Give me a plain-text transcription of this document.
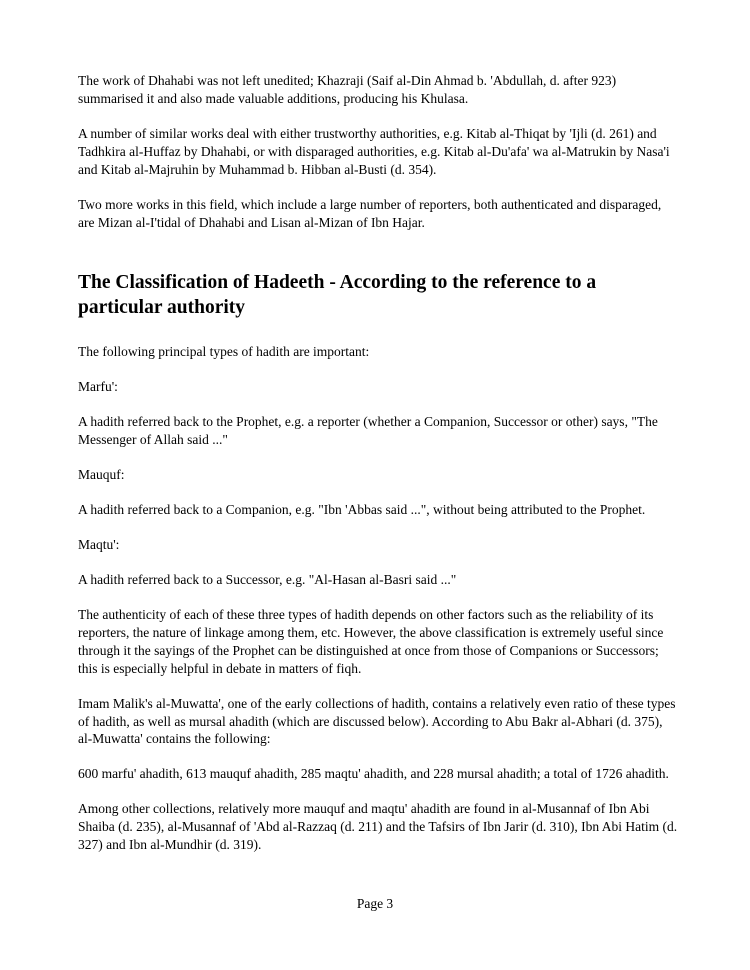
The work of Dhahabi was not left unedited; Khazraji (Saif al-Din Ahmad b. 'Abdullah, d. after 923) summarised it and also made valuable additions, producing his Khulasa.

A number of similar works deal with either trustworthy authorities, e.g. Kitab al-Thiqat by 'Ijli (d. 261) and Tadhkira al-Huffaz by Dhahabi, or with disparaged authorities, e.g. Kitab al-Du'afa' wa al-Matrukin by Nasa'i and Kitab al-Majruhin by Muhammad b. Hibban al-Busti (d. 354).

Two more works in this field, which include a large number of reporters, both authenticated and disparaged, are Mizan al-I'tidal of Dhahabi and Lisan al-Mizan of Ibn Hajar.

The Classification of Hadeeth - According to the reference to a particular authority

The following principal types of hadith are important:

Marfu':

A hadith referred back to the Prophet, e.g. a reporter (whether a Companion, Successor or other) says, "The Messenger of Allah said ..."

Mauquf:

A hadith referred back to a Companion, e.g. "Ibn 'Abbas said ...", without being attributed to the Prophet.

Maqtu':

A hadith referred back to a Successor, e.g. "Al-Hasan al-Basri said ..."

The authenticity of each of these three types of hadith depends on other factors such as the reliability of its reporters, the nature of linkage among them, etc. However, the above classification is extremely useful since through it the sayings of the Prophet can be distinguished at once from those of Companions or Successors; this is especially helpful in debate in matters of fiqh.

Imam Malik's al-Muwatta', one of the early collections of hadith, contains a relatively even ratio of these types of hadith, as well as mursal ahadith (which are discussed below). According to Abu Bakr al-Abhari (d. 375), al-Muwatta' contains the following:

600 marfu' ahadith, 613 mauquf ahadith, 285 maqtu' ahadith, and 228 mursal ahadith; a total of 1726 ahadith.

Among other collections, relatively more mauquf and maqtu' ahadith are found in al-Musannaf of Ibn Abi Shaiba (d. 235), al-Musannaf of 'Abd al-Razzaq (d. 211) and the Tafsirs of Ibn Jarir (d. 310), Ibn Abi Hatim (d. 327) and Ibn al-Mundhir (d. 319).

Page 3
